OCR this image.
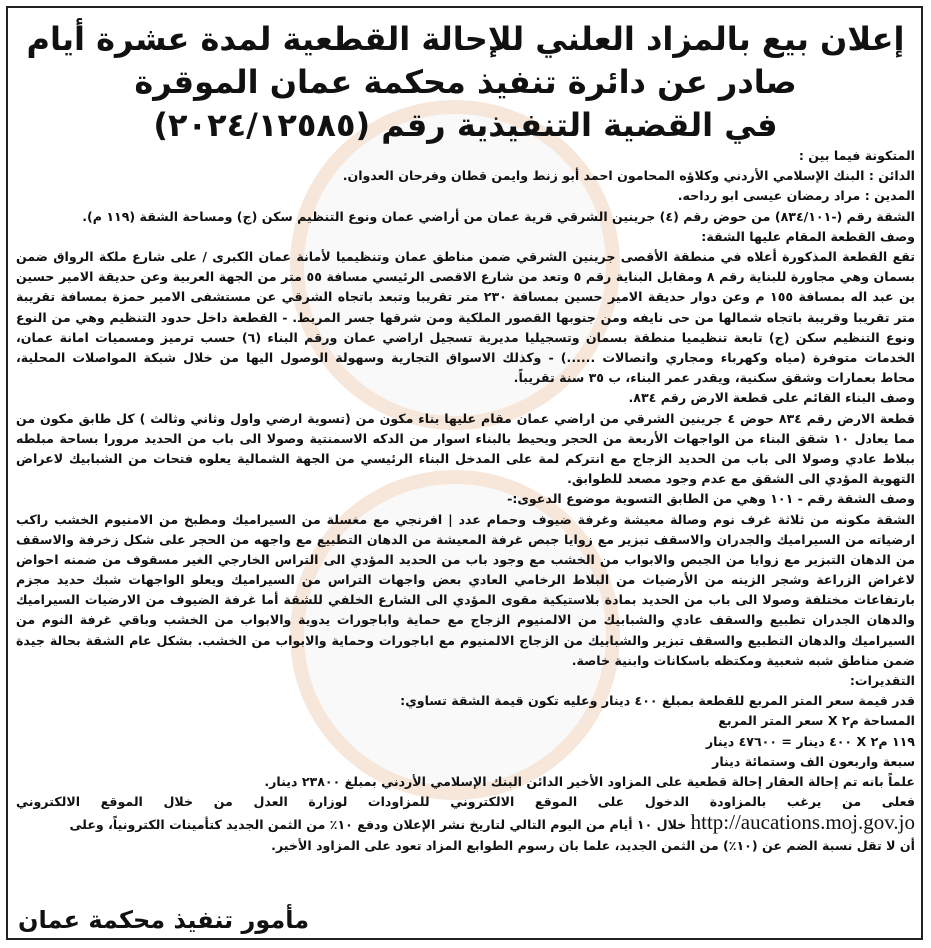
إعلان بيع بالمزاد العلني للإحالة القطعية لمدة عشرة أيام
صادر عن دائرة تنفيذ محكمة عمان الموقرة
في القضية التنفيذية رقم (٢٠٢٤/١٢٥٨٥)
المتكونة فيما بين :
الدائن : البنك الإسلامي الأردني وكلاؤه المحامون احمد أبو زنط وايمن قطان وفرحان العدوان.
المدين : مراد رمضان عيسى ابو رداحه.
الشقة رقم (-٨٣٤/١٠١) من حوض رقم (٤) جرينين الشرقي قرية عمان من أراضي عمان ونوع التنظيم سكن (ج) ومساحة الشقة (١١٩ م).
وصف القطعة المقام عليها الشقة:
تقع القطعة المذكورة أعلاه في منطقة الأقصى جرينين الشرقي ضمن مناطق عمان وتنظيميا لأمانة عمان الكبرى / على شارع ملكة الرواق ضمن
بسمان وهي مجاورة للبناية رقم ٨ ومقابل البناية رقم ٥ وتعد من شارع الاقصى الرئيسي مسافة ٥٥ متر من الجهة العربية وعن حديقة الامير حسين
بن عبد اله بمسافة ١٥٥ م وعن دوار حديقة الامير حسين بمسافة ٢٣٠ متر تقريبا وتبعد باتجاه الشرقي عن مستشفى الامير حمزة بمسافة تقريبة
متر تقريبا وقريبة باتجاه شمالها من حى نايفه ومن جنوبها القصور الملكية ومن شرقها جسر المربط. - القطعة داخل حدود التنظيم وهي من النوع
ونوع التنظيم سكن (ج) تابعة تنظيميا منطقة بسمان وتسجيليا مديرية تسجيل اراضي عمان ورقم البناء (٦) حسب ترميز ومسميات امانة عمان،
الخدمات متوفرة (مياه وكهرباء ومجاري واتصالات ......) - وكذلك الاسواق التجارية وسهولة الوصول اليها من خلال شبكة المواصلات المحلية،
محاط بعمارات وشقق سكنية، ويقدر عمر البناء، ب ٣٥ سنة تقريباً.
وصف البناء القائم على قطعة الارض رقم ٨٣٤.
قطعة الارض رقم ٨٣٤ حوض ٤ جرينين الشرقي من اراضي عمان مقام عليها بناء مكون من (تسوية ارضي واول وثاني وثالث ) كل طابق مكون من
مما يعادل ١٠ شقق البناء من الواجهات الأربعة من الحجر ويحيط بالبناء اسوار من الدكه الاسمنتية وصولا الى باب من الحديد مرورا بساحة مبلطه
ببلاط عادي وصولا الى باب من الحديد الزجاج مع انتركم لمة على المدخل البناء الرئيسي من الجهة الشمالية يعلوه فتحات من الشبابيك لاعراض
التهوية المؤدي الى الشقق مع عدم وجود مصعد للطوابق.
وصف الشقة رقم - ١٠١ وهي من الطابق التسوية موضوع الدعوى:-
الشقة مكونه من ثلاثة غرف نوم وصالة معيشة وغرفة ضيوف وحمام عدد | افرنجي مع مغسلة من السيراميك ومطبخ من الامنيوم الخشب راكب
ارضياته من السيراميك والجدران والاسقف تبزير مع زوايا جبص غرفة المعيشة من الدهان التطبيع مع واجهه من الحجر على شكل زخرفة والاسقف
من الدهان التبزير مع زوايا من الجبص والابواب من الخشب مع وجود باب من الحديد المؤدي الى التراس الخارجي الغير مسقوف من ضمنه احواض
لاغراض الزراعة وشجر الزينه من الأرضيات من البلاط الرخامي العادي بعض واجهات التراس من السيراميك ويعلو الواجهات شبك حديد مجزم
بارتفاعات مختلفة وصولا الى باب من الحديد بمادة بلاستيكية مقوى المؤدي الى الشارع الخلفي للشقة أما غرفة الضيوف من الارضيات السيراميك
والدهان الجدران تطبيع والسقف عادي والشبابيك من الالمنيوم الزجاج مع حماية واباجورات يدوية والابواب من الخشب وباقي غرفة النوم من
السيراميك والدهان التطبيع والسقف تبزير والشبابيك من الزجاج الالمنيوم مع اباجورات وحماية والابواب من الخشب. بشكل عام الشقة بحالة جيدة
ضمن مناطق شبه شعبية ومكتظه باسكانات وابنية خاصة.
التقديرات:
قدر قيمة سعر المتر المربع للقطعة بمبلغ ٤٠٠ دينار وعليه تكون قيمة الشقة تساوي:
المساحة م٢ X سعر المتر المربع
١١٩ م٢ X ٤٠٠ دينار = ٤٧٦٠٠ دينار
سبعة واربعون الف وستمائة دينار
علماً بانه تم إحالة العقار إحالة قطعية على المزاود الأخير الدائن البنك الإسلامي الأردني بمبلغ ٢٣٨٠٠ دينار.
فعلى من يرغب بالمزاودة الدخول على الموقع الالكتروني للمزاودات لوزارة العدل من خلال الموقع الالكتروني
http://aucations.moj.gov.jo خلال ١٠ أيام من اليوم التالي لتاريخ نشر الإعلان ودفع ١٠٪ من الثمن الجديد كتأمينات الكترونياً، وعلى
أن لا تقل نسبة الضم عن (١٠٪) من الثمن الجديد، علما بان رسوم الطوابع المزاد تعود على المزاود الأخير.
مأمور تنفيذ محكمة عمان
